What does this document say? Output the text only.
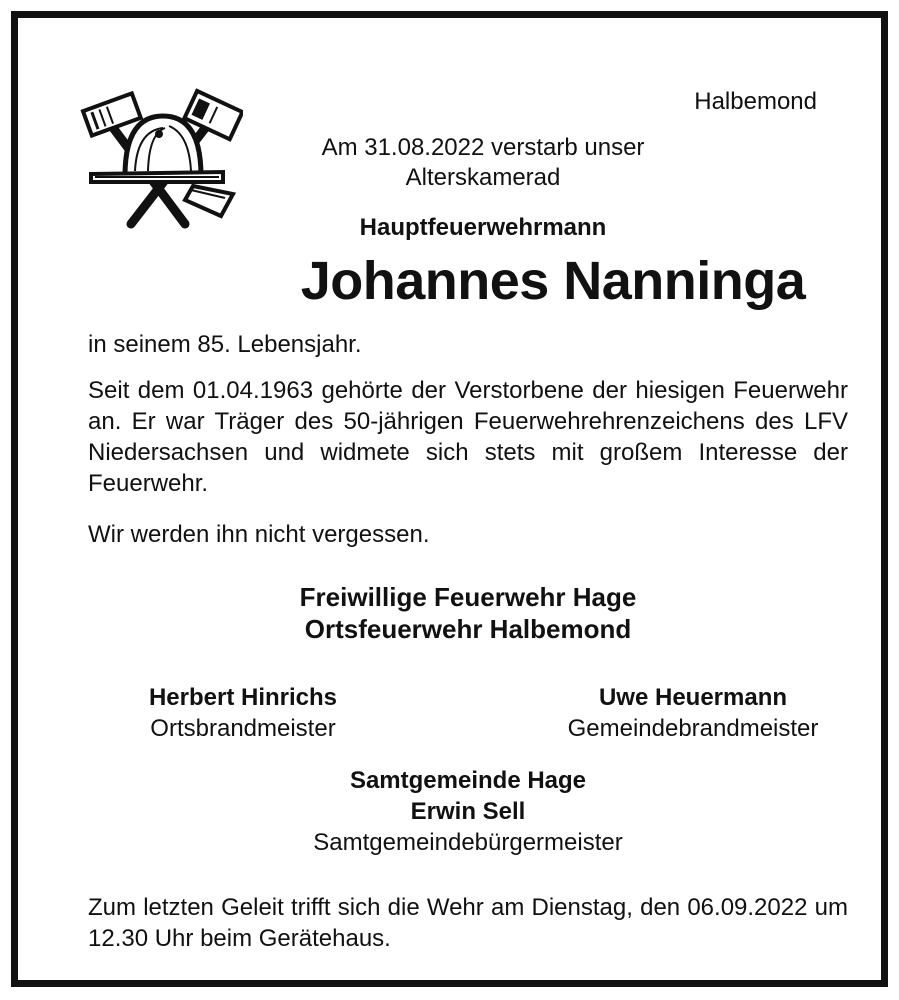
Halbemond
Am 31.08.2022 verstarb unser
Alterskamerad
Hauptfeuerwehrmann
Johannes Nanninga
in seinem 85. Lebensjahr.
Seit dem 01.04.1963 gehörte der Verstorbene der hiesigen Feuerwehr an. Er war Träger des 50-jährigen Feuerwehrehrenzeichens des LFV Niedersachsen und widmete sich stets mit großem Interesse der Feuerwehr.
Wir werden ihn nicht vergessen.
Freiwillige Feuerwehr Hage
Ortsfeuerwehr Halbemond
Herbert Hinrichs
Ortsbrandmeister
Uwe Heuermann
Gemeindebrandmeister
Samtgemeinde Hage
Erwin Sell
Samtgemeindebürgermeister
Zum letzten Geleit trifft sich die Wehr am Dienstag, den 06.09.2022 um 12.30 Uhr beim Gerätehaus.
